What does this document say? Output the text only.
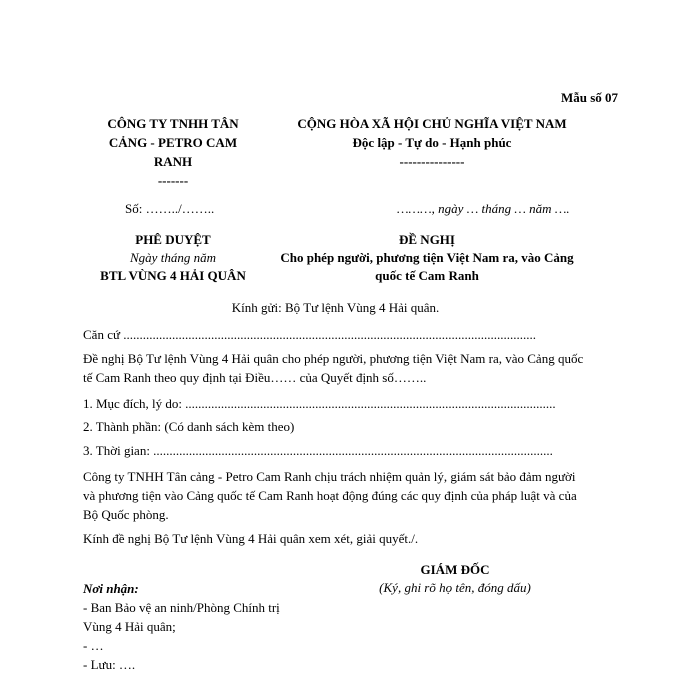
Mẫu số 07
CÔNG TY TNHH TÂN
CẢNG - PETRO CAM
RANH
-------
CỘNG HÒA XÃ HỘI CHỦ NGHĨA VIỆT NAM
Độc lập - Tự do - Hạnh phúc
---------------
Số: ……../……..	………, ngày … tháng … năm ….
PHÊ DUYỆT
Ngày tháng năm
BTL VÙNG 4 HẢI QUÂN
ĐỀ NGHỊ
Cho phép người, phương tiện Việt Nam ra, vào Cảng
quốc tế Cam Ranh
Kính gửi: Bộ Tư lệnh Vùng 4 Hải quân.
Căn cứ ...............................................................................................................................
Đề nghị Bộ Tư lệnh Vùng 4 Hải quân cho phép người, phương tiện Việt Nam ra, vào Cảng quốc tế Cam Ranh theo quy định tại Điều…… của Quyết định số……..
1. Mục đích, lý do: ..................................................................................................................
2. Thành phần: (Có danh sách kèm theo)
3. Thời gian: ...........................................................................................................................
Công ty TNHH Tân cảng - Petro Cam Ranh chịu trách nhiệm quản lý, giám sát bảo đảm người và phương tiện vào Cảng quốc tế Cam Ranh hoạt động đúng các quy định của pháp luật và của Bộ Quốc phòng.
Kính đề nghị Bộ Tư lệnh Vùng 4 Hải quân xem xét, giải quyết./.
GIÁM ĐỐC
(Ký, ghi rõ họ tên, đóng dấu)
Nơi nhận:
- Ban Bảo vệ an ninh/Phòng Chính trị
Vùng 4 Hải quân;
- …
- Lưu: ….
